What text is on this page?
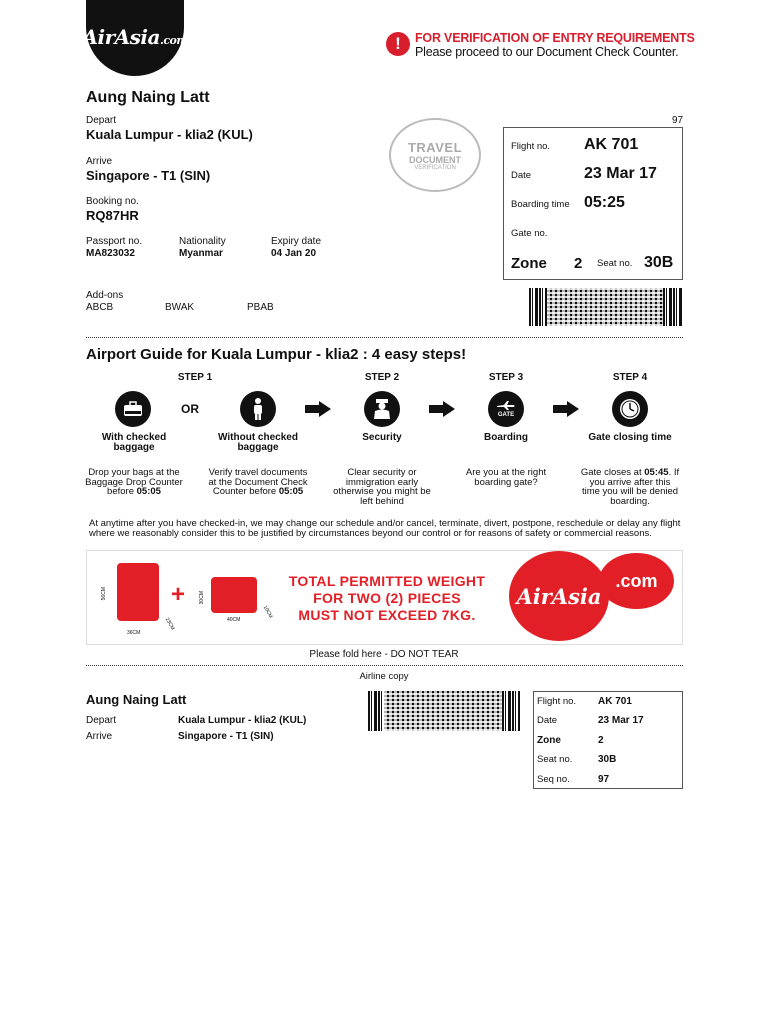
AirAsia.com	!	FOR VERIFICATION OF ENTRY REQUIREMENTS
Please proceed to our Document Check Counter.
Aung Naing Latt
Depart
Kuala Lumpur - klia2 (KUL)
Arrive
Singapore - T1 (SIN)
Booking no.
RQ87HR
Passport no.
MA823032
Nationality
Myanmar
Expiry date
04 Jan 20
Add-ons
ABCB	BWAK	PBAB
TRAVEL
DOCUMENT
VERIFICATION
97
Flight no. AK 701
Date	23 Mar 17
Boarding time 05:25
Gate no.
Zone 2 Seat no. 30B
Airport Guide for Kuala Lumpur - klia2 : 4 easy steps!
STEP 1	STEP 2	STEP 3	STEP 4
OR	GATE
With checked baggage
Without checked baggage
Security	Boarding	Gate closing time
Drop your bags at the Baggage Drop Counter before 05:05
Verify travel documents at the Document Check Counter before 05:05
Clear security or immigration early otherwise you might be left behind
Are you at the right boarding gate?
Gate closes at 05:45. If you arrive after this time you will be denied boarding.
At anytime after you have checked-in, we may change our schedule and/or cancel, terminate, divert, postpone, reschedule or delay any flight where we reasonably consider this to be justified by circumstances beyond our control or for reasons of safety or commercial reasons.
56CM
36CM
23CM
+	30CM
40CM
10CM
TOTAL PERMITTED WEIGHT
FOR TWO (2) PIECES
MUST NOT EXCEED 7KG.
AirAsia
.com
Please fold here - DO NOT TEAR
Airline copy
Aung Naing Latt
Depart	Kuala Lumpur - klia2 (KUL)
Arrive	Singapore - T1 (SIN)
Flight no. AK 701
Date	23 Mar 17
Zone	2
Seat no.	30B
Seq no.	97
